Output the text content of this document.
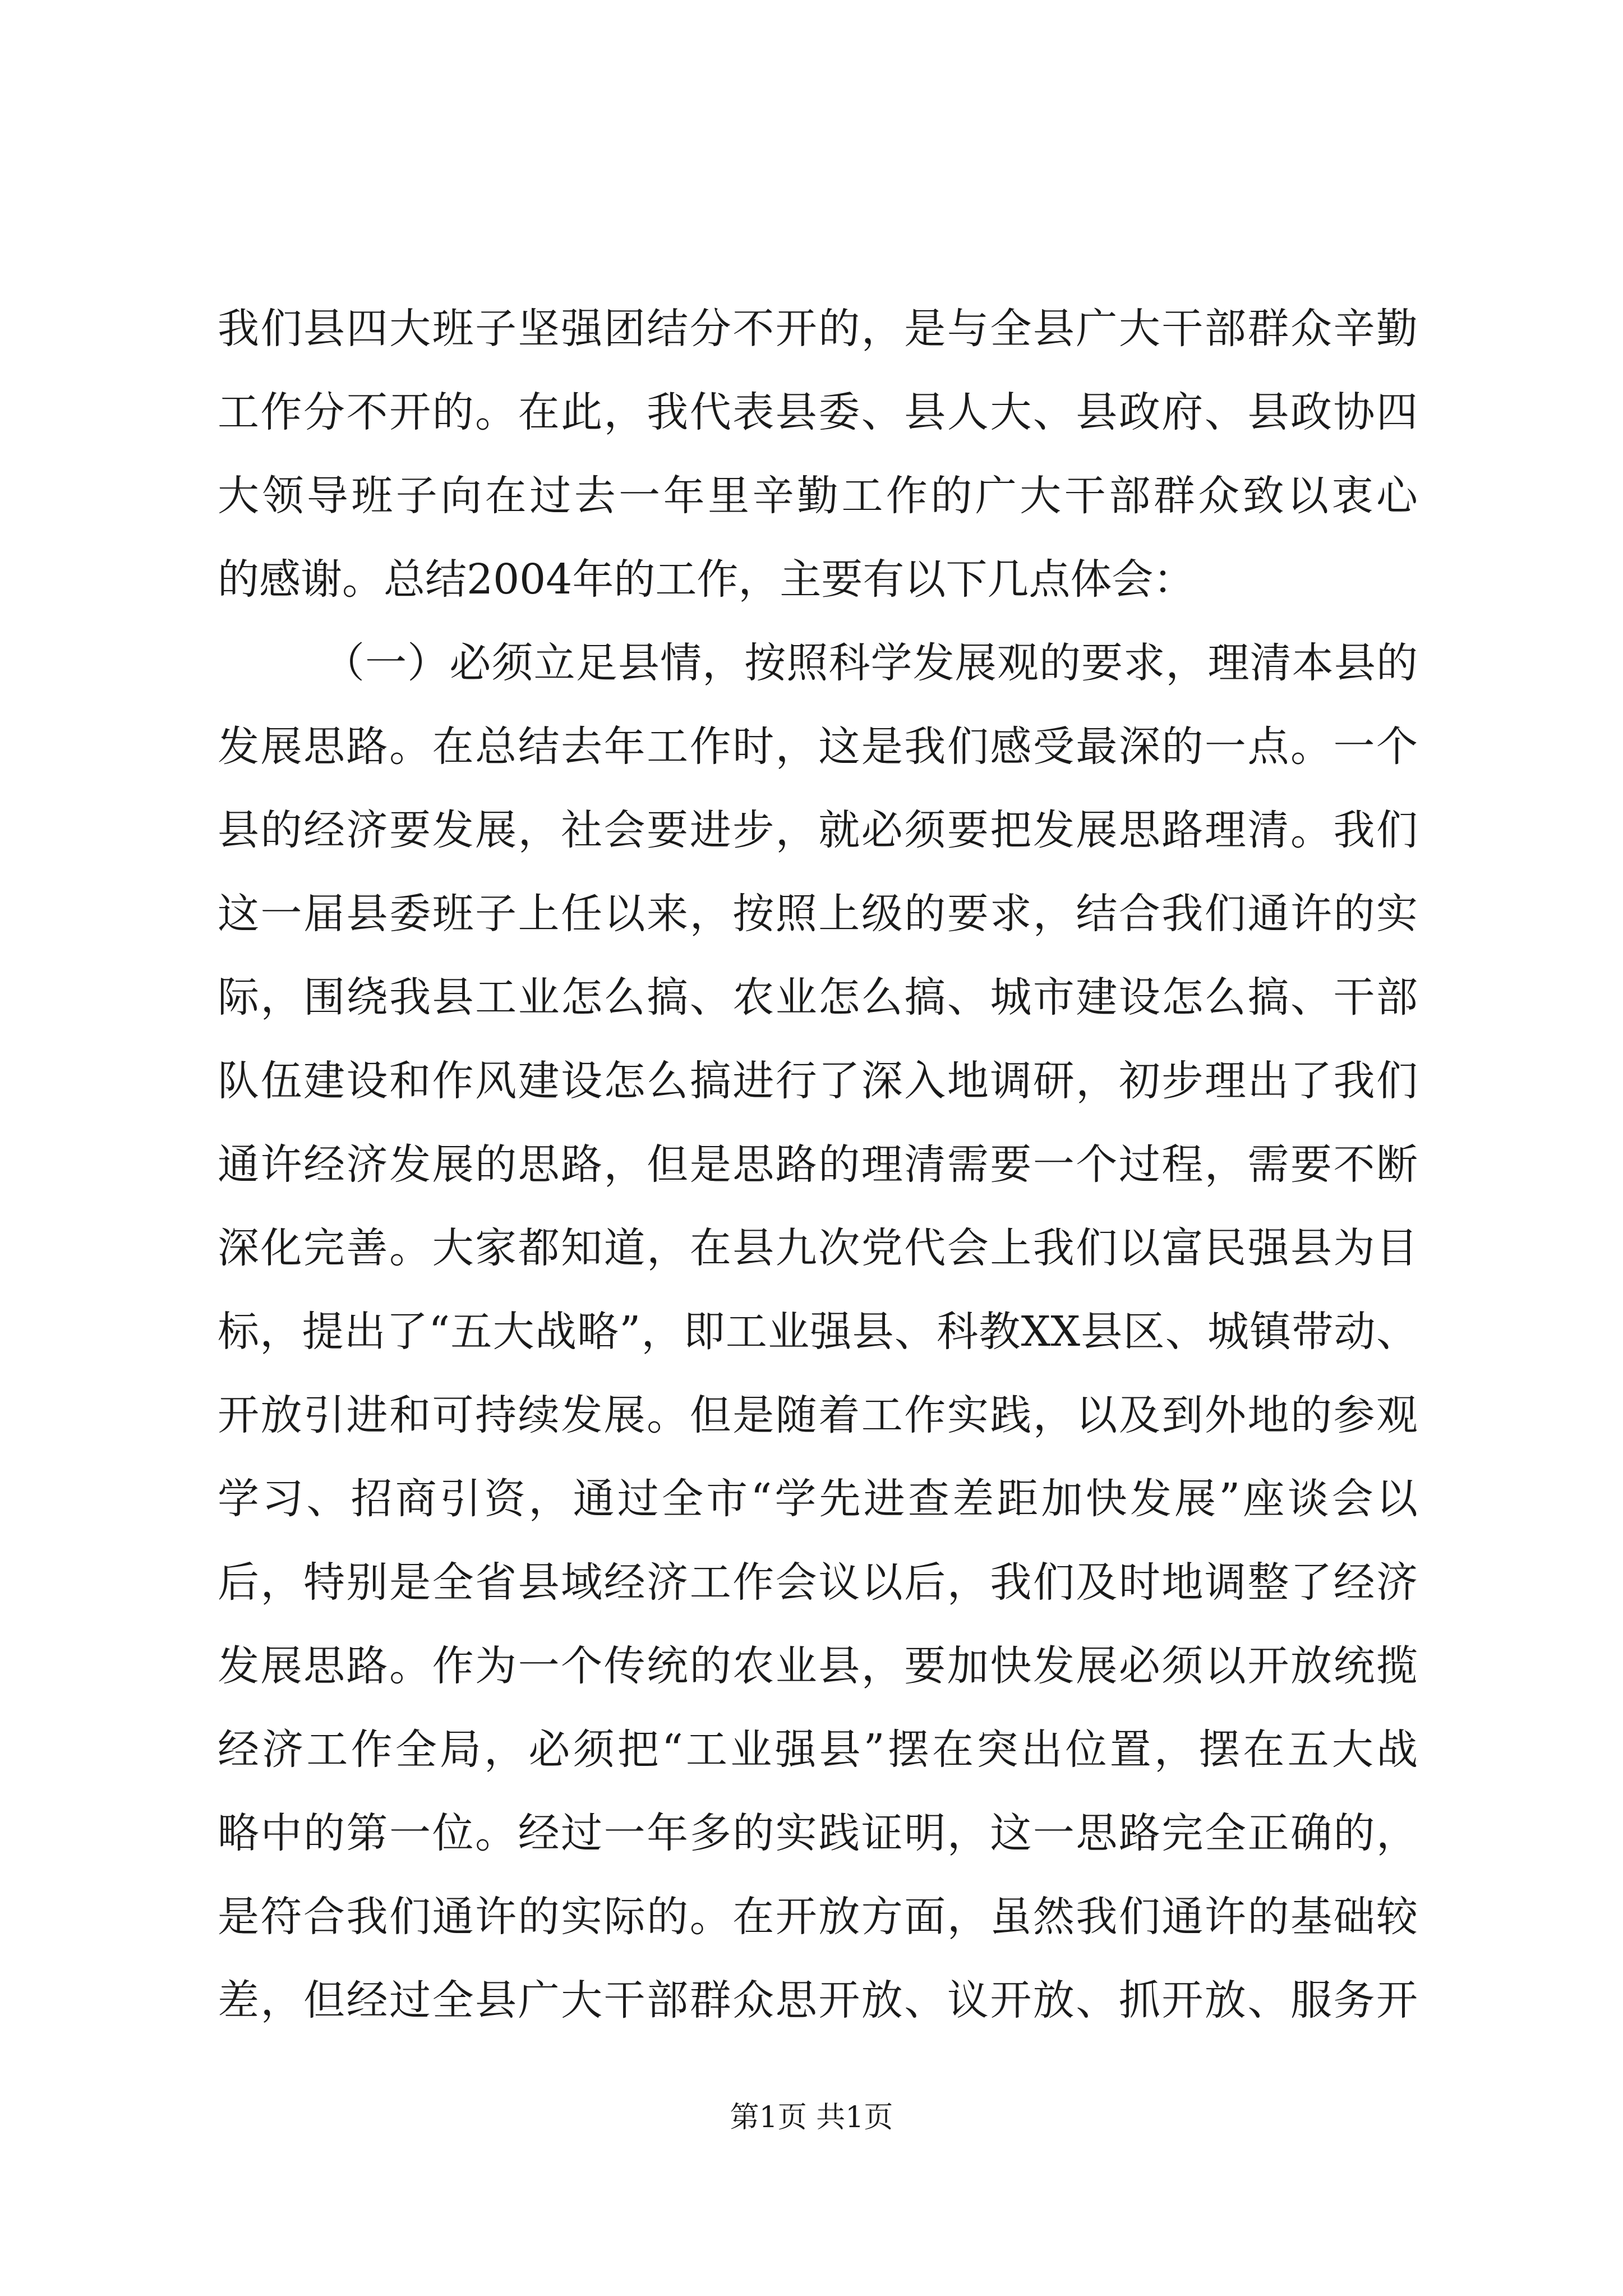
我们县四大班子坚强团结分不开的，是与全县广大干部群众辛勤
工作分不开的。在此，我代表县委、县人大、县政府、县政协四
大领导班子向在过去一年里辛勤工作的广大干部群众致以衷心
的感谢。总结2004年的工作，主要有以下几点体会：
（一）必须立足县情，按照科学发展观的要求，理清本县的
发展思路。在总结去年工作时，这是我们感受最深的一点。一个
县的经济要发展，社会要进步，就必须要把发展思路理清。我们
这一届县委班子上任以来，按照上级的要求，结合我们通许的实
际，围绕我县工业怎么搞、农业怎么搞、城市建设怎么搞、干部
队伍建设和作风建设怎么搞进行了深入地调研，初步理出了我们
通许经济发展的思路，但是思路的理清需要一个过程，需要不断
深化完善。大家都知道，在县九次党代会上我们以富民强县为目
标，提出了“五大战略”，即工业强县、科教XX县区、城镇带动、
开放引进和可持续发展。但是随着工作实践，以及到外地的参观
学习、招商引资，通过全市“学先进查差距加快发展”座谈会以
后，特别是全省县域经济工作会议以后，我们及时地调整了经济
发展思路。作为一个传统的农业县，要加快发展必须以开放统揽
经济工作全局，必须把“工业强县”摆在突出位置，摆在五大战
略中的第一位。经过一年多的实践证明，这一思路完全正确的，
是符合我们通许的实际的。在开放方面，虽然我们通许的基础较
差，但经过全县广大干部群众思开放、议开放、抓开放、服务开
第1页 共1页
